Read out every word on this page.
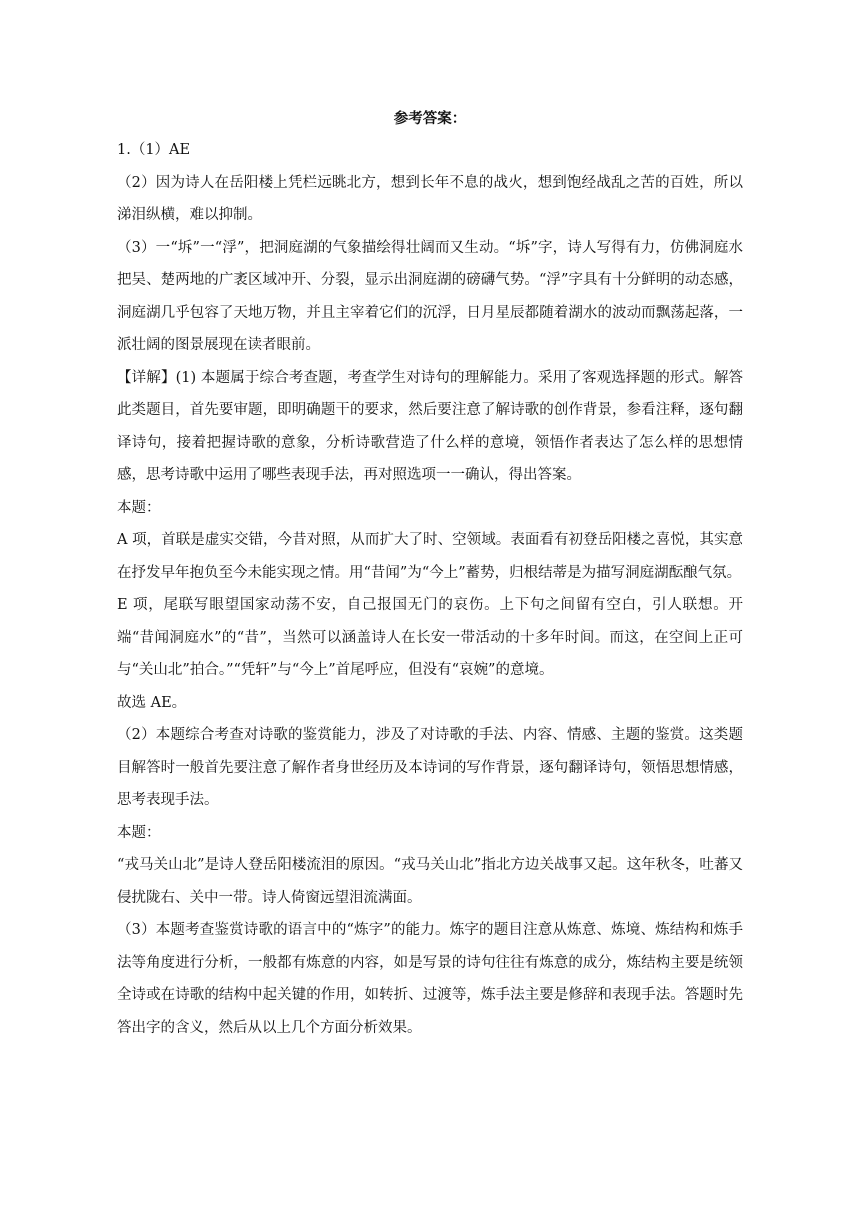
参考答案：

1.（1）AE

（2）因为诗人在岳阳楼上凭栏远眺北方，想到长年不息的战火，想到饱经战乱之苦的百姓，所以涕泪纵横，难以抑制。

（3）一“坼”一“浮”，把洞庭湖的气象描绘得壮阔而又生动。“坼”字，诗人写得有力，仿佛洞庭水把吴、楚两地的广袤区域冲开、分裂，显示出洞庭湖的磅礴气势。“浮”字具有十分鲜明的动态感，洞庭湖几乎包容了天地万物，并且主宰着它们的沉浮，日月星辰都随着湖水的波动而飘荡起落，一派壮阔的图景展现在读者眼前。

【详解】(1) 本题属于综合考查题，考查学生对诗句的理解能力。采用了客观选择题的形式。解答此类题目，首先要审题，即明确题干的要求，然后要注意了解诗歌的创作背景，参看注释，逐句翻译诗句，接着把握诗歌的意象，分析诗歌营造了什么样的意境，领悟作者表达了怎么样的思想情感，思考诗歌中运用了哪些表现手法，再对照选项一一确认，得出答案。

本题：

A 项，首联是虚实交错，今昔对照，从而扩大了时、空领域。表面看有初登岳阳楼之喜悦，其实意在抒发早年抱负至今未能实现之情。用“昔闻”为“今上”蓄势，归根结蒂是为描写洞庭湖酝酿气氛。

E 项，尾联写眼望国家动荡不安，自己报国无门的哀伤。上下句之间留有空白，引人联想。开端“昔闻洞庭水”的“昔”，当然可以涵盖诗人在长安一带活动的十多年时间。而这，在空间上正可与“关山北”拍合。”“凭轩”与“今上”首尾呼应，但没有“哀婉”的意境。

故选 AE。

（2）本题综合考查对诗歌的鉴赏能力，涉及了对诗歌的手法、内容、情感、主题的鉴赏。这类题目解答时一般首先要注意了解作者身世经历及本诗词的写作背景，逐句翻译诗句，领悟思想情感，思考表现手法。

本题：

“戎马关山北”是诗人登岳阳楼流泪的原因。“戎马关山北”指北方边关战事又起。这年秋冬，吐蕃又侵扰陇右、关中一带。诗人倚窗远望泪流满面。

（3）本题考查鉴赏诗歌的语言中的“炼字”的能力。炼字的题目注意从炼意、炼境、炼结构和炼手法等角度进行分析，一般都有炼意的内容，如是写景的诗句往往有炼意的成分，炼结构主要是统领全诗或在诗歌的结构中起关键的作用，如转折、过渡等，炼手法主要是修辞和表现手法。答题时先答出字的含义，然后从以上几个方面分析效果。
